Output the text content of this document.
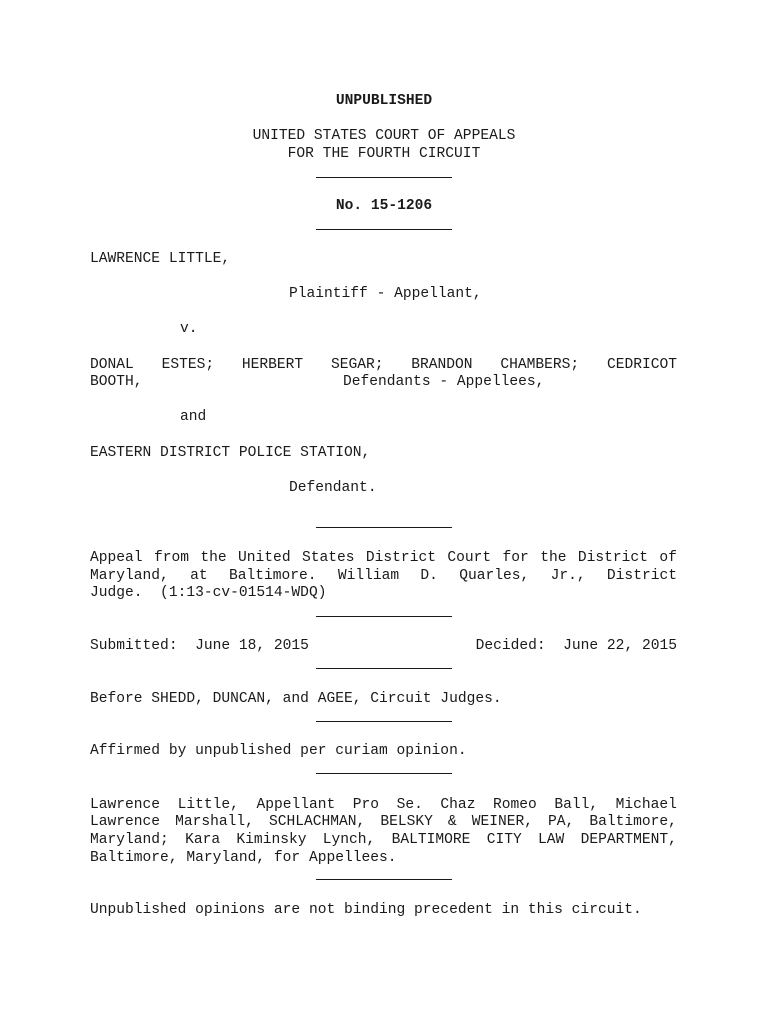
UNPUBLISHED
UNITED STATES COURT OF APPEALS
FOR THE FOURTH CIRCUIT
No. 15-1206
LAWRENCE LITTLE,
Plaintiff - Appellant,
v.
DONAL ESTES; HERBERT SEGAR; BRANDON CHAMBERS; CEDRICOT
BOOTH,	Defendants - Appellees,
and
EASTERN DISTRICT POLICE STATION,
Defendant.
Appeal from the United States District Court for the District of
Maryland, at Baltimore. William D. Quarles, Jr., District
Judge.  (1:13-cv-01514-WDQ)
Submitted:  June 18, 2015	Decided:  June 22, 2015
Before SHEDD, DUNCAN, and AGEE, Circuit Judges.
Affirmed by unpublished per curiam opinion.
Lawrence Little, Appellant Pro Se. Chaz Romeo Ball, Michael
Lawrence Marshall, SCHLACHMAN, BELSKY & WEINER, PA, Baltimore,
Maryland; Kara Kiminsky Lynch, BALTIMORE CITY LAW DEPARTMENT,
Baltimore, Maryland, for Appellees.
Unpublished opinions are not binding precedent in this circuit.
